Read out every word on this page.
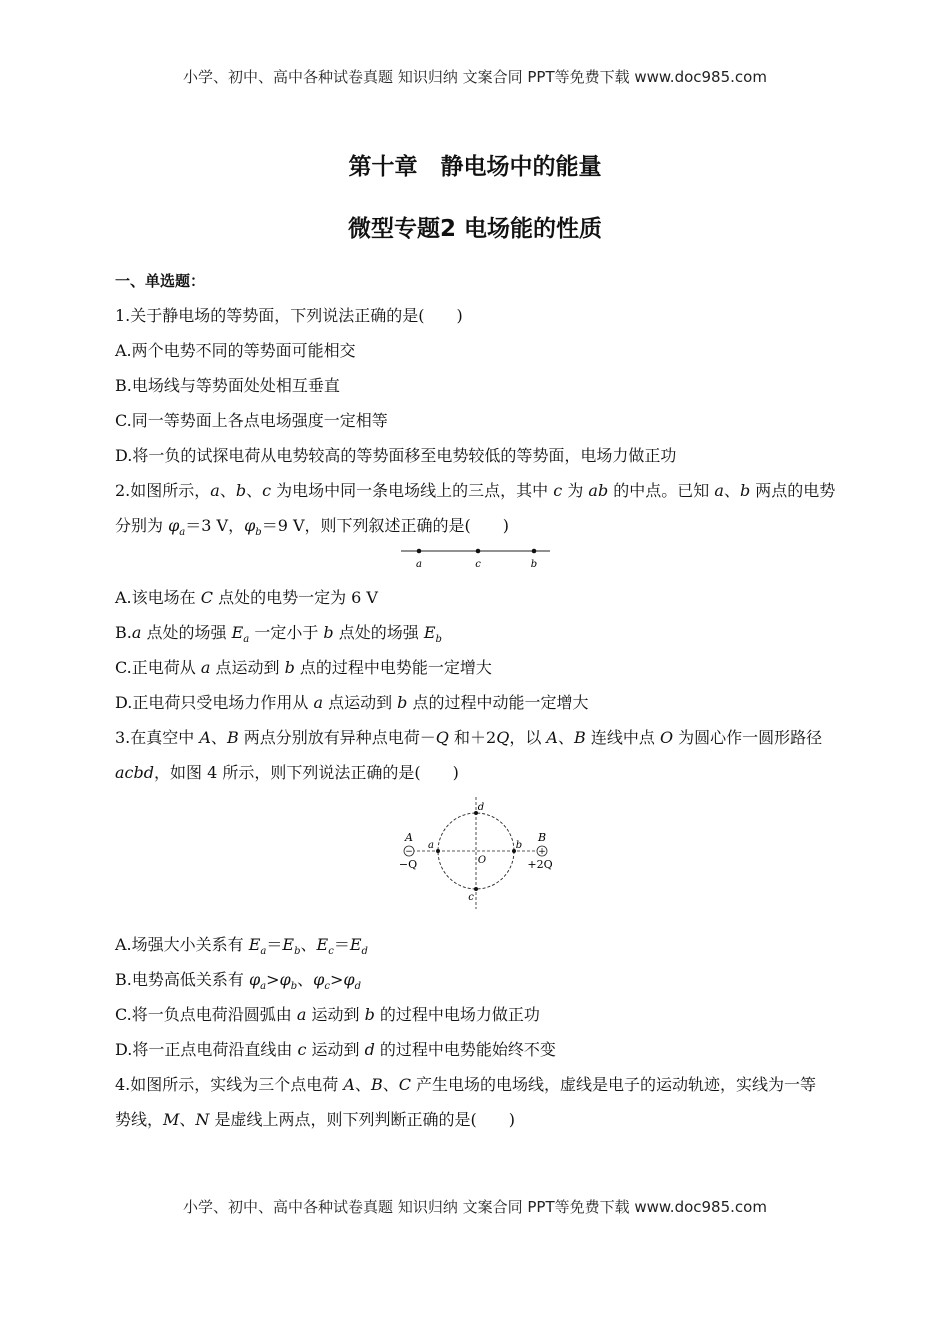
小学、初中、高中各种试卷真题 知识归纳 文案合同 PPT等免费下载 www.doc985.com
第十章　静电场中的能量
微型专题2 电场能的性质
一、单选题：
1.关于静电场的等势面，下列说法正确的是(　　)
A.两个电势不同的等势面可能相交
B.电场线与等势面处处相互垂直
C.同一等势面上各点电场强度一定相等
D.将一负的试探电荷从电势较高的等势面移至电势较低的等势面，电场力做正功
2.如图所示，a、b、c 为电场中同一条电场线上的三点，其中 c 为 ab 的中点。已知 a、b 两点的电势
分别为 $\varphi_a=3$ V，$\varphi_b=9$ V，则下列叙述正确的是(　　)
a	c	b
A.该电场在 C 点处的电势一定为 6 V
B.a 点处的场强 $E_a$ 一定小于 b 点处的场强 $E_b$
C.正电荷从 a 点运动到 b 点的过程中电势能一定增大
D.正电荷只受电场力作用从 a 点运动到 b 点的过程中动能一定增大
3.在真空中 A、B 两点分别放有异种点电荷－Q 和＋2Q，以 A、B 连线中点 O 为圆心作一圆形路径
acbd，如图 4 所示，则下列说法正确的是(　　)
−	+
A
−Q
B
+2Q
a	b
d
c
O
A.场强大小关系有 $E_a=E_b$、$E_c=E_d$
B.电势高低关系有 $\varphi_a>\varphi_b$、$\varphi_c>\varphi_d$
C.将一负点电荷沿圆弧由 a 运动到 b 的过程中电场力做正功
D.将一正点电荷沿直线由 c 运动到 d 的过程中电势能始终不变
4.如图所示，实线为三个点电荷 A、B、C 产生电场的电场线，虚线是电子的运动轨迹，实线为一等
势线，M、N 是虚线上两点，则下列判断正确的是(　　)
小学、初中、高中各种试卷真题 知识归纳 文案合同 PPT等免费下载 www.doc985.com
